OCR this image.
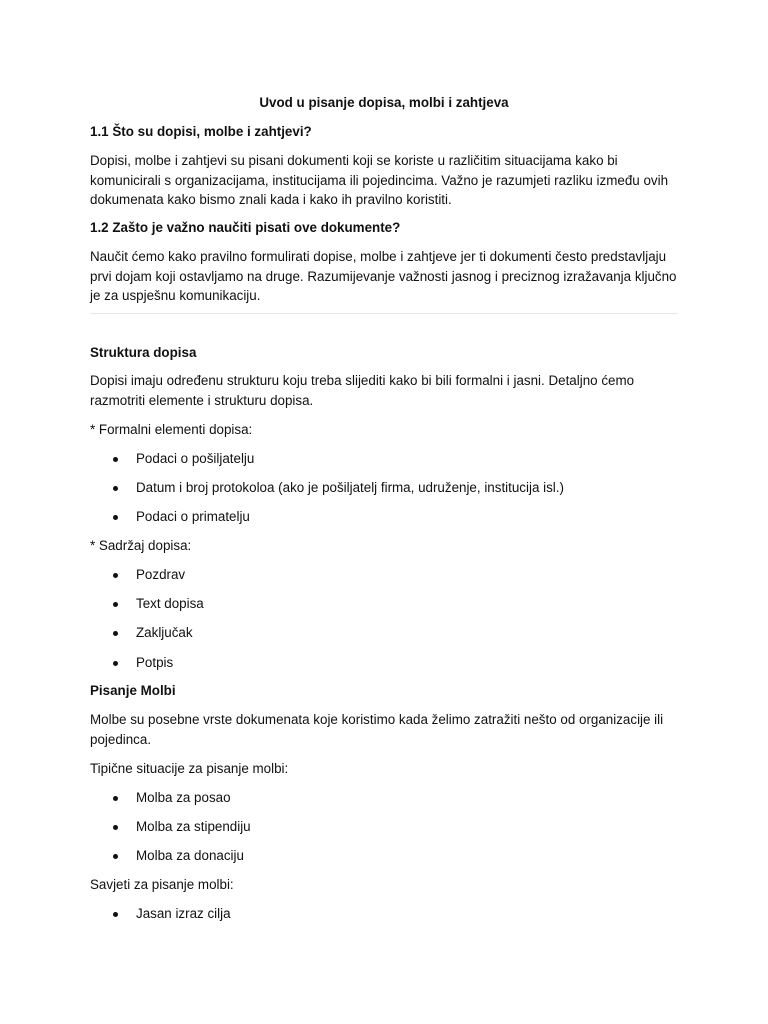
Uvod u pisanje dopisa, molbi i zahtjeva

1.1 Što su dopisi, molbe i zahtjevi?

Dopisi, molbe i zahtjevi su pisani dokumenti koji se koriste u različitim situacijama kako bi komunicirali s organizacijama, institucijama ili pojedincima. Važno je razumjeti razliku između ovih dokumenata kako bismo znali kada i kako ih pravilno koristiti.

1.2 Zašto je važno naučiti pisati ove dokumente?

Naučit ćemo kako pravilno formulirati dopise, molbe i zahtjeve jer ti dokumenti često predstavljaju prvi dojam koji ostavljamo na druge. Razumijevanje važnosti jasnog i preciznog izražavanja ključno je za uspješnu komunikaciju.

Struktura dopisa

Dopisi imaju određenu strukturu koju treba slijediti kako bi bili formalni i jasni. Detaljno ćemo razmotriti elemente i strukturu dopisa.

* Formalni elementi dopisa:

Podaci o pošiljatelju

Datum i broj protokoloa (ako je pošiljatelj firma, udruženje, institucija isl.)

Podaci o primatelju

* Sadržaj dopisa:

Pozdrav

Text dopisa

Zaključak

Potpis

Pisanje Molbi

Molbe su posebne vrste dokumenata koje koristimo kada želimo zatražiti nešto od organizacije ili pojedinca.

Tipične situacije za pisanje molbi:

Molba za posao

Molba za stipendiju

Molba za donaciju

Savjeti za pisanje molbi:

Jasan izraz cilja
